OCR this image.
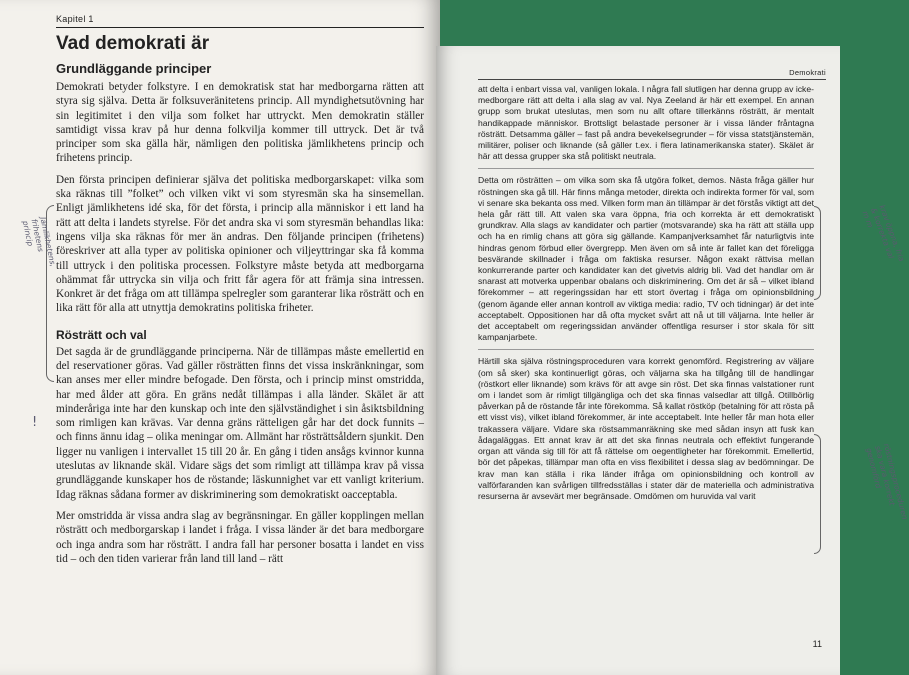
Kapitel 1
Vad demokrati är
Grundläggande principer

Demokrati betyder folkstyre. I en demokratisk stat har medborgarna rätten att styra sig själva. Detta är folksuveränitetens princip. All myndighetsutövning har sin legitimitet i den vilja som folket har uttryckt. Men demokratin ställer samtidigt vissa krav på hur denna folkvilja kommer till uttryck. Det är två principer som ska gälla här, nämligen den politiska jämlikhetens princip och frihetens princip.

Den första principen definierar själva det politiska medborgarskapet: vilka som ska räknas till ”folket” och vilken vikt vi som styresmän ska ha sinsemellan. Enligt jämlikhetens idé ska, för det första, i princip alla människor i ett land ha rätt att delta i landets styrelse. För det andra ska vi som styresmän behandlas lika: ingens vilja ska räknas för mer än andras. Den följande principen (frihetens) föreskriver att alla typer av politiska opinioner och viljeyttringar ska få komma till uttryck i den politiska processen. Folkstyre måste betyda att medborgarna ohämmat får uttrycka sin vilja och fritt får agera för att främja sina intressen. Konkret är det fråga om att tillämpa spelregler som garanterar lika rösträtt och en lika rätt för alla att utnyttja demokratins politiska friheter.

Rösträtt och val

Det sagda är de grundläggande principerna. När de tillämpas måste emellertid en del reservationer göras. Vad gäller rösträtten finns det vissa inskränkningar, som kan anses mer eller mindre befogade. Den första, och i princip minst omstridda, har med ålder att göra. En gräns nedåt tillämpas i alla länder. Skälet är att minderåriga inte har den kunskap och inte den självständighet i sin åsiktsbildning som rimligen kan krävas. Var denna gräns rätteligen går har det dock funnits – och finns ännu idag – olika meningar om. Allmänt har rösträttsåldern sjunkit. Den ligger nu vanligen i intervallet 15 till 20 år. En gång i tiden ansågs kvinnor kunna uteslutas av liknande skäl. Vidare sägs det som rimligt att tillämpa krav på vissa grundläggande kunskaper hos de röstande; läskunnighet var ett vanligt kriterium. Idag räknas sådana former av diskriminering som demokratiskt oacceptabla.

Mer omstridda är vissa andra slag av begränsningar. En gäller kopplingen mellan rösträtt och medborgarskap i landet i fråga. I vissa länder är det bara medborgare och inga andra som har rösträtt. I andra fall har personer bosatta i landet en viss tid – och den tiden varierar från land till land – rätt

Jämlikhetens, frihetens princip
!
Demokrati

att delta i enbart vissa val, vanligen lokala. I några fall slutligen har denna grupp av icke-medborgare rätt att delta i alla slag av val. Nya Zeeland är här ett exempel. En annan grupp som brukat uteslutas, men som nu allt oftare tillerkänns rösträtt, är mentalt handikappade människor. Brottsligt belastade personer är i vissa länder fråntagna rösträtt. Detsamma gäller – fast på andra bevekelsegrunder – för vissa statstjänstemän, militärer, poliser och liknande (så gäller t.ex. i flera latinamerikanska stater). Skälet är här att dessa grupper ska stå politiskt neutrala.

Detta om rösträtten – om vilka som ska få utgöra folket, demos. Nästa fråga gäller hur röstningen ska gå till. Här finns många metoder, direkta och indirekta former för val, som vi senare ska bekanta oss med. Vilken form man än tillämpar är det förstås viktigt att det hela går rätt till. Att valen ska vara öppna, fria och korrekta är ett demokratiskt grundkrav. Alla slags av kandidater och partier (motsvarande) ska ha rätt att ställa upp och ha en rimlig chans att göra sig gällande. Kampanjverksamhet får naturligtvis inte hindras genom förbud eller övergrepp. Men även om så inte är fallet kan det föreligga besvärande skillnader i fråga om faktiska resurser. Någon exakt rättvisa mellan konkurrerande parter och kandidater kan det givetvis aldrig bli. Vad det handlar om är snarast att motverka uppenbar obalans och diskriminering. Om det är så – vilket ibland förekommer – att regeringssidan har ett stort övertag i fråga om opinionsbildning (genom ägande eller annan kontroll av viktiga media: radio, TV och tidningar) är det inte acceptabelt. Oppositionen har då ofta mycket svårt att nå ut till väljarna. Inte heller är det acceptabelt om regeringssidan använder offentliga resurser i stor skala för sitt kampanjarbete.

Härtill ska själva röstningsproceduren vara korrekt genomförd. Registrering av väljare (om så sker) ska kontinuerligt göras, och väljarna ska ha tillgång till de handlingar (röstkort eller liknande) som krävs för att avge sin röst. Det ska finnas valstationer runt om i landet som är rimligt tillgängliga och det ska finnas valsedlar att tillgå. Otillbörlig påverkan på de röstande får inte förekomma. Så kallat röstköp (betalning för att rösta på ett visst vis), vilket ibland förekommer, är inte acceptabelt. Inte heller får man hota eller trakassera väljare. Vidare ska röstsammanräkning ske med sådan insyn att fusk kan ådagaläggas. Ett annat krav är att det ska finnas neutrala och effektivt fungerande organ att vända sig till för att få rättelse om oegentligheter har förekommit. Emellertid, bör det påpekas, tillämpar man ofta en viss flexibilitet i dessa slag av bedömningar. De krav man kan ställa i rika länder ifråga om opinionsbildning och kontroll av valförfaranden kan svårligen tillfredsställas i stater där de materiella och administrativa resurserna är avsevärt mer begränsade. Omdömen om huruvida val varit

11
krav öppna, fria & korrekta val m m
röstningsproceduren ska vara korrekt genomförd
